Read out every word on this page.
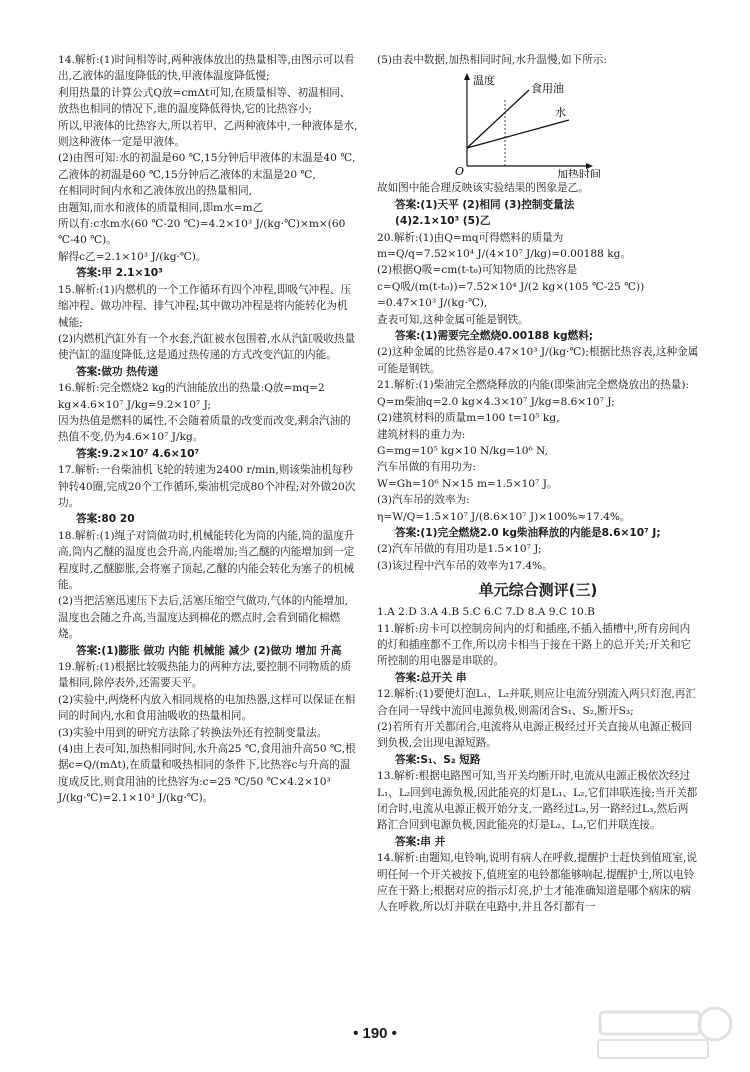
14.解析:(1)时间相等时,两种液体放出的热量相等,由图示可以看出,乙液体的温度降低的快,甲液体温度降低慢;

利用热量的计算公式Q放=cmΔt可知,在质量相等、初温相同、放热也相同的情况下,谁的温度降低得快,它的比热容小;

所以,甲液体的比热容大,所以若甲、乙两种液体中,一种液体是水,则这种液体一定是甲液体。

(2)由图可知:水的初温是60 ℃,15分钟后甲液体的末温是40 ℃,

乙液体的初温是60 ℃,15分钟后乙液体的末温是20 ℃,

在相同时间内水和乙液体放出的热量相同,

由题知,而水和液体的质量相同,即m水=m乙

所以有:c水m水(60 ℃-20 ℃)=4.2×10³ J/(kg·℃)×m×(60 ℃-40 ℃)。

解得c乙=2.1×10³ J/(kg·℃)。

答案:甲 2.1×10³

15.解析:(1)内燃机的一个工作循环有四个冲程,即吸气冲程、压缩冲程、做功冲程、排气冲程;其中做功冲程是将内能转化为机械能;

(2)内燃机汽缸外有一个水套,汽缸被水包围着,水从汽缸吸收热量使汽缸的温度降低,这是通过热传递的方式改变汽缸的内能。

答案:做功 热传递

16.解析:完全燃烧2 kg的汽油能放出的热量:Q放=mq=2 kg×4.6×10⁷ J/kg=9.2×10⁷ J;

因为热值是燃料的属性,不会随着质量的改变而改变,剩余汽油的热值不变,仍为4.6×10⁷ J/kg。

答案:9.2×10⁷ 4.6×10⁷

17.解析:一台柴油机飞轮的转速为2400 r/min,则该柴油机每秒钟转40圈,完成20个工作循环,柴油机完成80个冲程;对外做20次功。

答案:80 20

18.解析:(1)绳子对筒做功时,机械能转化为筒的内能,筒的温度升高,筒内乙醚的温度也会升高,内能增加;当乙醚的内能增加到一定程度时,乙醚膨胀,会将塞子顶起,乙醚的内能会转化为塞子的机械能。

(2)当把活塞迅速压下去后,活塞压缩空气做功,气体的内能增加,温度也会随之升高,当温度达到棉花的燃点时,会看到硝化棉燃烧。

答案:(1)膨胀 做功 内能 机械能 减少 (2)做功 增加 升高

19.解析:(1)根据比较吸热能力的两种方法,要控制不同物质的质量相同,除停表外,还需要天平。

(2)实验中,两烧杯内放入相同规格的电加热器,这样可以保证在相同的时间内,水和食用油吸收的热量相同。

(3)实验中用到的研究方法除了转换法外还有控制变量法。

(4)由上表可知,加热相同时间,水升高25 ℃,食用油升高50 ℃,根据c=Q/(mΔt),在质量和吸热相同的条件下,比热容c与升高的温度成反比,则食用油的比热容为:c=25 ℃/50 ℃×4.2×10³ J/(kg·℃)=2.1×10³ J/(kg·℃)。

(5)由表中数据,加热相同时间,水升温慢,如下所示:

温度
食用油
水
O	加热时间

故如图中能合理反映该实验结果的图象是乙。

答案:(1)天平 (2)相同 (3)控制变量法

(4)2.1×10³ (5)乙

20.解析:(1)由Q=mq可得燃料的质量为

m=Q/q=7.52×10⁴ J/(4×10⁷ J/kg)=0.00188 kg。

(2)根据Q吸=cm(t-t₀)可知物质的比热容是

c=Q吸/(m(t-t₀))=7.52×10⁴ J/(2 kg×(105 ℃-25 ℃))

=0.47×10³ J/(kg·℃),

查表可知,这种金属可能是钢铁。

答案:(1)需要完全燃烧0.00188 kg燃料;

(2)这种金属的比热容是0.47×10³ J/(kg·℃);根据比热容表,这种金属可能是钢铁。

21.解析:(1)柴油完全燃烧释放的内能(即柴油完全燃烧放出的热量):

Q=m柴油q=2.0 kg×4.3×10⁷ J/kg=8.6×10⁷ J;

(2)建筑材料的质量m=100 t=10⁵ kg,

建筑材料的重力为:

G=mg=10⁵ kg×10 N/kg=10⁶ N,

汽车吊做的有用功为:

W=Gh=10⁶ N×15 m=1.5×10⁷ J。

(3)汽车吊的效率为:

η=W/Q=1.5×10⁷ J/(8.6×10⁷ J)×100%≈17.4%。

答案:(1)完全燃烧2.0 kg柴油释放的内能是8.6×10⁷ J;

(2)汽车吊做的有用功是1.5×10⁷ J;

(3)该过程中汽车吊的效率为17.4%。

单元综合测评(三)

1.A 2.D 3.A 4.B 5.C 6.C 7.D 8.A 9.C 10.B

11.解析:房卡可以控制房间内的灯和插座,不插入插槽中,所有房间内的灯和插座都不工作,所以房卡相当于接在干路上的总开关;开关和它所控制的用电器是串联的。

答案:总开关 串

12.解析:(1)要使灯泡L₁、L₂并联,则应让电流分别流入两只灯泡,再汇合在同一导线中流回电源负极,则需闭合S₁、S₂,断开S₃;

(2)若所有开关都闭合,电流将从电源正极经过开关直接从电源正极回到负极,会出现电源短路。

答案:S₁、S₂ 短路

13.解析:根据电路图可知,当开关均断开时,电流从电源正极依次经过L₁、L₂回到电源负极,因此能亮的灯是L₁、L₂,它们串联连接;当开关都闭合时,电流从电源正极开始分支,一路经过L₂,另一路经过L₃,然后两路汇合回到电源负极,因此能亮的灯是L₂、L₃,它们并联连接。

答案:串 并

14.解析:由题知,电铃响,说明有病人在呼救,提醒护士赶快到值班室,说明任何一个开关被按下,值班室的电铃都能够响起,提醒护士,所以电铃应在干路上;根据对应的指示灯亮,护士才能准确知道是哪个病床的病人在呼救,所以灯并联在电路中,并且各灯都有一

• 190 •
